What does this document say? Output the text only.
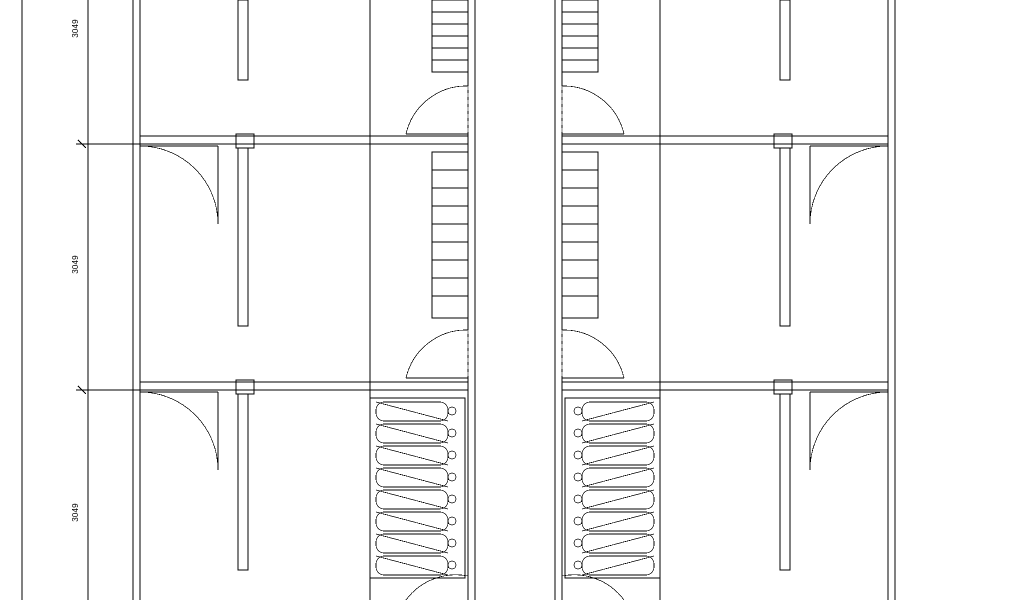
3049
3049
3049
